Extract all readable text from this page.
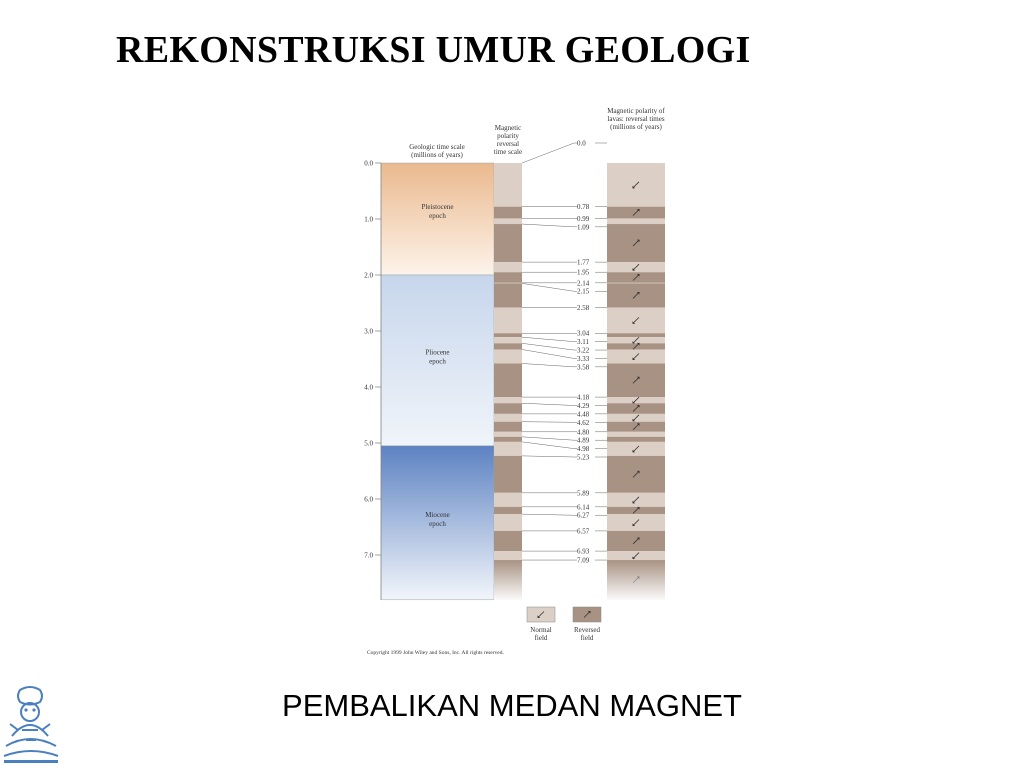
REKONSTRUKSI UMUR GEOLOGI
Pleistocene
epoch
Pliocene
epoch
Miocene
epoch
0.0
1.0
2.0
3.0
4.0
5.0
6.0
7.0
0.0
0.78
0.99
1.09
1.77
1.95
2.14
2.15
2.58
3.04
3.11
3.22
3.33
3.58
4.18
4.29
4.48
4.62
4.80
4.89
4.98
5.23
5.89
6.14
6.27
6.57
6.93
7.09
Geologic time scale
(millions of years)
Magnetic
polarity
reversal
time scale
Magnetic polarity of
lavas: reversal times
(millions of years)
Normal
field
Reversed
field
Copyright 1999 John Wiley and Sons, Inc. All rights reserved.
PEMBALIKAN MEDAN MAGNET
